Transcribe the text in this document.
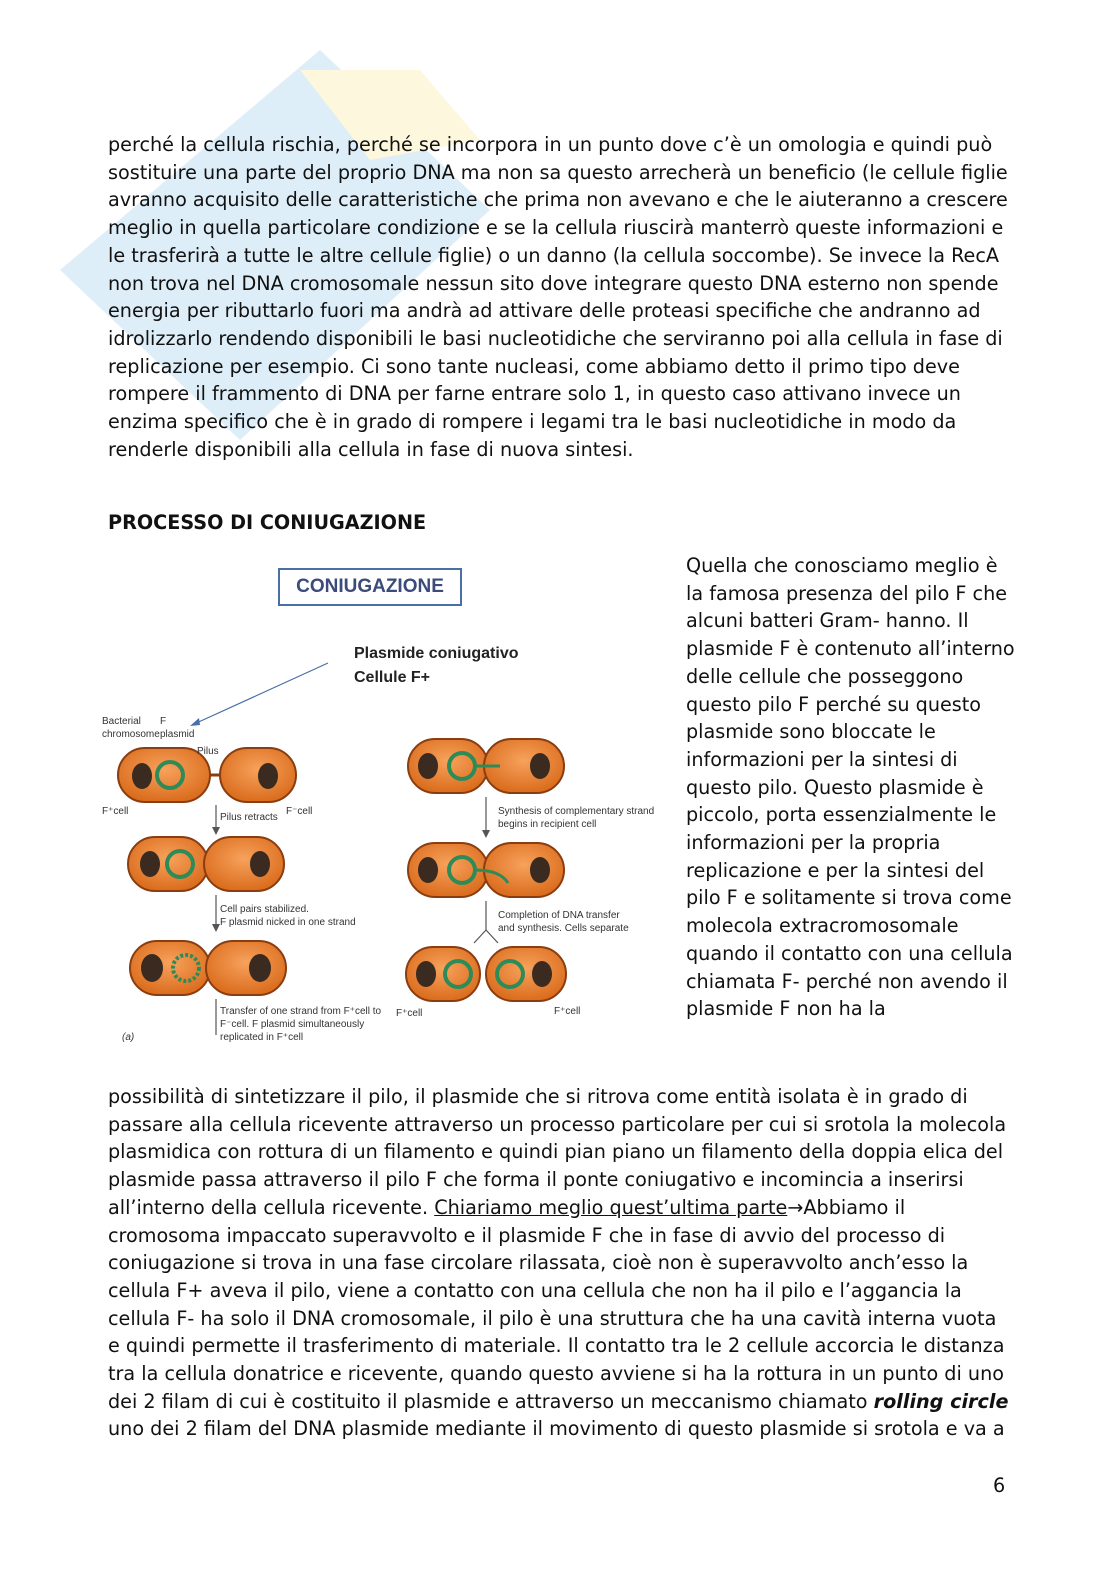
perché la cellula rischia, perché se incorpora in un punto dove c’è un omologia e quindi può sostituire una parte del proprio DNA ma non sa questo arrecherà un beneficio (le cellule figlie avranno acquisito delle caratteristiche che prima non avevano e che le aiuteranno a crescere meglio in quella particolare condizione e se la cellula riuscirà manterrò queste informazioni e le trasferirà a tutte le altre cellule figlie) o un danno (la cellula soccombe). Se invece la RecA non trova nel DNA cromosomale nessun sito dove integrare questo DNA esterno non spende energia per ributtarlo fuori ma andrà ad attivare delle proteasi specifiche che andranno ad idrolizzarlo rendendo disponibili le basi nucleotidiche che serviranno poi alla cellula in fase di replicazione per esempio. Ci sono tante nucleasi, come abbiamo detto il primo tipo deve rompere il frammento di DNA per farne entrare solo 1, in questo caso attivano invece un enzima specifico che è in grado di rompere i legami tra le basi nucleotidiche in modo da renderle disponibili alla cellula in fase di nuova sintesi.

PROCESSO DI CONIUGAZIONE

CONIUGAZIONE
Plasmide coniugativo
Cellule F+
Bacterial
chromosome
F
plasmid
Pilus
F⁺cell	F⁻cell
Pilus retracts
Cell pairs stabilized.
F plasmid nicked in one strand
Transfer of one strand from F⁺cell to
F⁻cell. F plasmid simultaneously
replicated in F⁺cell
(a)
Synthesis of complementary strand
begins in recipient cell
Completion of DNA transfer
and synthesis. Cells separate
F⁺cell	F⁺cell

Quella che conosciamo meglio è la famosa presenza del pilo F che alcuni batteri Gram- hanno. Il plasmide F è contenuto all’interno delle cellule che posseggono questo pilo F perché su questo plasmide sono bloccate le informazioni per la sintesi di questo pilo. Questo plasmide è piccolo, porta essenzialmente le informazioni per la propria replicazione e per la sintesi del pilo F e solitamente si trova come molecola extracromosomale quando il contatto con una cellula chiamata F- perché non avendo il plasmide F non ha la

possibilità di sintetizzare il pilo, il plasmide che si ritrova come entità isolata è in grado di passare alla cellula ricevente attraverso un processo particolare per cui si srotola la molecola plasmidica con rottura di un filamento e quindi pian piano un filamento della doppia elica del plasmide passa attraverso il pilo F che forma il ponte coniugativo e incomincia a inserirsi all’interno della cellula ricevente. Chiariamo meglio quest’ultima parte→Abbiamo il cromosoma impaccato superavvolto e il plasmide F che in fase di avvio del processo di coniugazione si trova in una fase circolare rilassata, cioè non è superavvolto anch’esso la cellula F+ aveva il pilo, viene a contatto con una cellula che non ha il pilo e l’aggancia la cellula F- ha solo il DNA cromosomale, il pilo è una struttura che ha una cavità interna vuota e quindi permette il trasferimento di materiale. Il contatto tra le 2 cellule accorcia le distanza tra la cellula donatrice e ricevente, quando questo avviene si ha la rottura in un punto di uno dei 2 filam di cui è costituito il plasmide e attraverso un meccanismo chiamato rolling circle uno dei 2 filam del DNA plasmide mediante il movimento di questo plasmide si srotola e va a

6
